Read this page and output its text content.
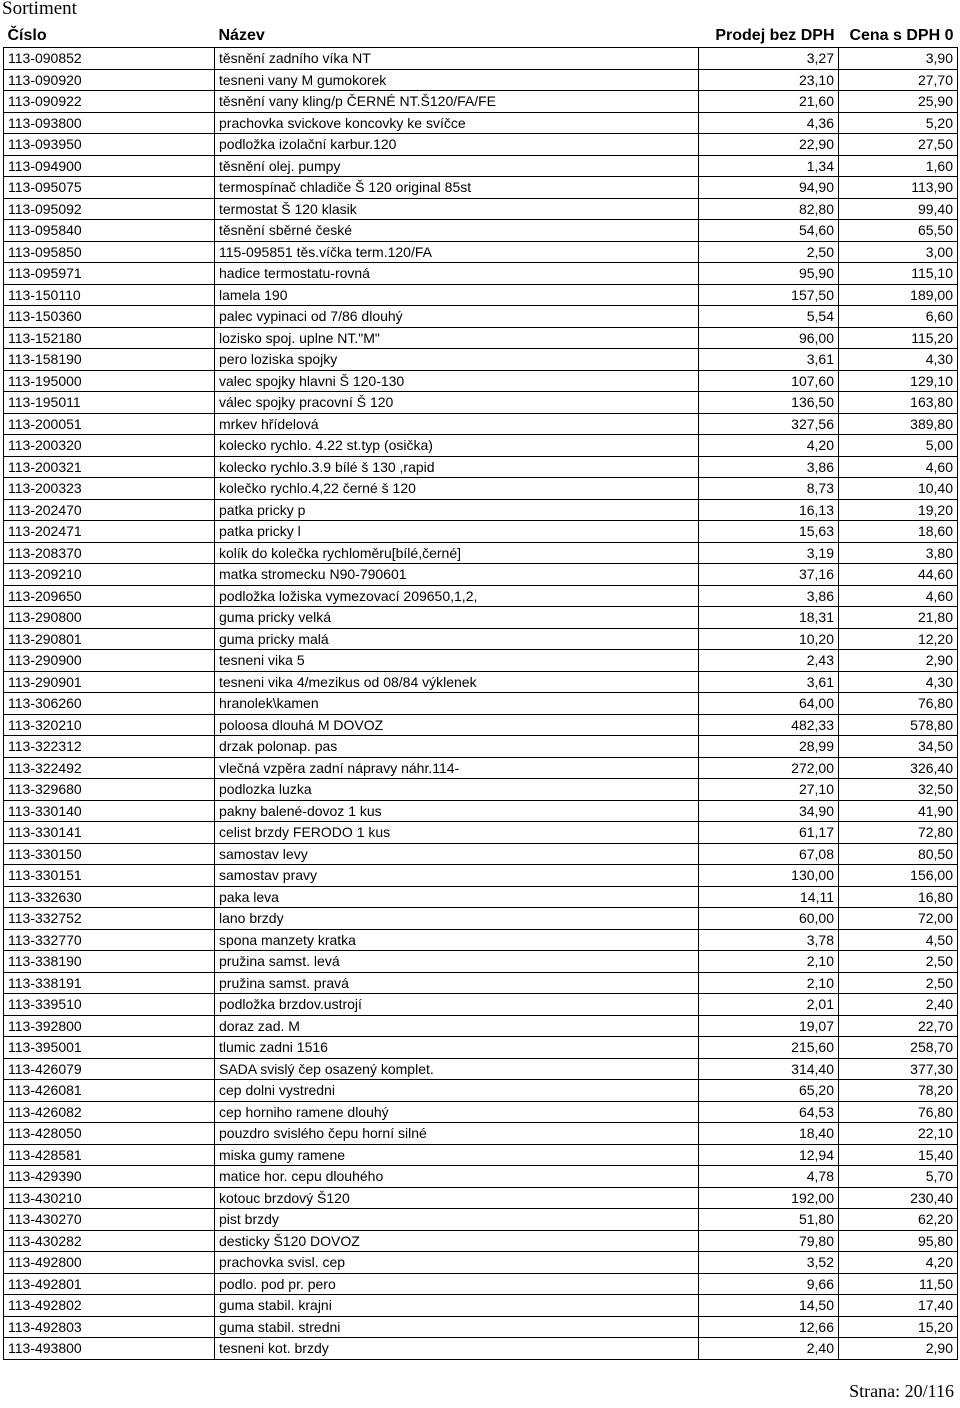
Sortiment
Číslo	Název	Prodej bez DPH	Cena s DPH 0
113-090852	těsnění zadního víka NT	3,27	3,90
113-090920	tesneni vany M gumokorek	23,10	27,70
113-090922	těsnění vany kling/p ČERNÉ NT.Š120/FA/FE	21,60	25,90
113-093800	prachovka svickove koncovky ke svíčce	4,36	5,20
113-093950	podložka izolační karbur.120	22,90	27,50
113-094900	těsnění olej. pumpy	1,34	1,60
113-095075	termospínač chladiče Š 120 original 85st	94,90	113,90
113-095092	termostat Š 120 klasik	82,80	99,40
113-095840	těsnění sběrné české	54,60	65,50
113-095850	115-095851 těs.víčka term.120/FA	2,50	3,00
113-095971	hadice termostatu-rovná	95,90	115,10
113-150110	lamela 190	157,50	189,00
113-150360	palec vypinaci od 7/86 dlouhý	5,54	6,60
113-152180	lozisko spoj. uplne NT."M"	96,00	115,20
113-158190	pero loziska spojky	3,61	4,30
113-195000	valec spojky hlavni Š 120-130	107,60	129,10
113-195011	válec spojky pracovní Š 120	136,50	163,80
113-200051	mrkev hřídelová	327,56	389,80
113-200320	kolecko rychlo. 4.22 st.typ (osička)	4,20	5,00
113-200321	kolecko rychlo.3.9 bílé š 130 ,rapid	3,86	4,60
113-200323	kolečko rychlo.4,22 černé š 120	8,73	10,40
113-202470	patka pricky p	16,13	19,20
113-202471	patka pricky l	15,63	18,60
113-208370	kolík do kolečka rychloměru[bílé,černé]	3,19	3,80
113-209210	matka stromecku N90-790601	37,16	44,60
113-209650	podložka ložiska vymezovací 209650,1,2,	3,86	4,60
113-290800	guma pricky velká	18,31	21,80
113-290801	guma pricky malá	10,20	12,20
113-290900	tesneni vika 5	2,43	2,90
113-290901	tesneni vika 4/mezikus od 08/84 výklenek	3,61	4,30
113-306260	hranolek\kamen	64,00	76,80
113-320210	poloosa dlouhá M DOVOZ	482,33	578,80
113-322312	drzak polonap. pas	28,99	34,50
113-322492	vlečná vzpěra zadní nápravy náhr.114-	272,00	326,40
113-329680	podlozka luzka	27,10	32,50
113-330140	pakny balené-dovoz 1 kus	34,90	41,90
113-330141	celist brzdy FERODO 1 kus	61,17	72,80
113-330150	samostav levy	67,08	80,50
113-330151	samostav pravy	130,00	156,00
113-332630	paka leva	14,11	16,80
113-332752	lano brzdy	60,00	72,00
113-332770	spona manzety kratka	3,78	4,50
113-338190	pružina samst. levá	2,10	2,50
113-338191	pružina samst. pravá	2,10	2,50
113-339510	podložka brzdov.ustrojí	2,01	2,40
113-392800	doraz zad. M	19,07	22,70
113-395001	tlumic zadni 1516	215,60	258,70
113-426079	SADA svislý čep osazený komplet.	314,40	377,30
113-426081	cep dolni vystredni	65,20	78,20
113-426082	cep horniho ramene dlouhý	64,53	76,80
113-428050	pouzdro svislého čepu horní silné	18,40	22,10
113-428581	miska gumy ramene	12,94	15,40
113-429390	matice hor. cepu dlouhého	4,78	5,70
113-430210	kotouc brzdový Š120	192,00	230,40
113-430270	pist brzdy	51,80	62,20
113-430282	desticky Š120 DOVOZ	79,80	95,80
113-492800	prachovka svisl. cep	3,52	4,20
113-492801	podlo. pod pr. pero	9,66	11,50
113-492802	guma stabil. krajni	14,50	17,40
113-492803	guma stabil. stredni	12,66	15,20
113-493800	tesneni kot. brzdy	2,40	2,90
Strana: 20/116
